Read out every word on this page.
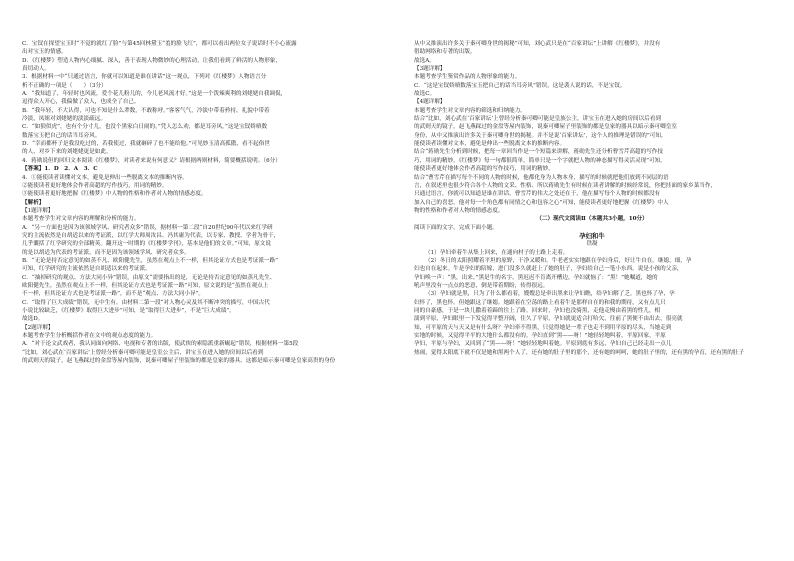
C．宝钗在探望宝玉时“不觉的就红了脸”与第45回林黛玉“羞的脸飞红”，都可以看出两位女子说话时不小心流露
出对宝玉的情感。
D．《红楼梦》塑造人物内心细腻、深入，善于表现人物微妙的心理活动，让我们看到了鲜活的人物形象，
真切动人。
3．根据材料一中“只通过语言，你就可以知道是谁在讲话”这一观点，下列对《红楼梦》人物语言分
析不正确的一项是（　　）（3分）
A．“我知道了，年轻时也风流，爱个花儿粉儿的，今儿老风流才好。”这是一个泼辣爽利的刘姥姥自我调侃，
逗得众人开心，我偏做了众人，也成全了自己。
B．“我年轻，不大认得，可也不知是什么辈数，不敢称呼。”客客气气，冷淡中带着矜持，礼貌中带着
冷淡，凤姐对刘姥姥的淡淡疏远。
C．“如狼似虎”，也有个分寸儿，也没个黑家白日闹的。”凭人怎么劝，都是耳旁风。”这是宝钗娇嗔数
数落宝玉把自己的话当耳旁风。
D．“幸而都杯子是我没吃过的，若我使过，我就砸碎了也不能给他。”可见妙玉清高孤傲，看不起俗世
的人，对乡下来的刘姥姥更是如此。
4．蒋勋说但的回归文本阅读《红楼梦》，对读者来说有何意义？请根据两则材料，简要概括说明。（6分）
【答案】1．D　2．A　3．C
4．①能使读者读懂对文本，避免是伸出一些脱离文本的推断内容。
②能使读者更好地体会作者高超的写作技巧，用词的精妙。
③能使读者更好地把握《红楼梦》中人物的性格和作者对人物的情感态度。
【解析】
【1题详解】
本题考查学生对文章内容的理解和分析的能力。
A．“另一方面也是因为该领域学风、研究者众多”错误，据材料一第二段“自20世纪90年代以来红学研
究的主流依然是自胡适以来的考证派，以红学大师周汝昌、冯其庸为代表，以专家、教授、学者为骨干，
几乎囊括了红学研究的全部精英。翻开这一时期的《红楼梦学刊》，基本是他们的文章。”可知，原文说
的是以胡适为代表的考证派，而不是因为该领域学风、研究者众多。
B．“无论是持否定意见的如蒸不凡、欧阳健先生，虽然在观点上不一样，但其论证方式也是考证派一路”
可知，红学研究的主流依然是自胡适以来的考证派。
C．“抽掉研究的观点、方法大同小异”错误，由原文“需要指出的是，无论是持否定意见的如蒸凡先生、
欧阳健先生，虽然在观点上不一样，但其论证方式也是考证派一路”可知，原文说的是“虽然在观点上
不一样，但其论证方式也是考证派一路”，而不是“观点、方法大同小异”。
C．“取得了巨大成绩”错误，无中生有。由材料二第一段“对人物心灵及其不断冲突的描写，中国古代
小说比较缺乏，《红楼梦》取得巨大进步”可知，是“取得巨大进步”，不是“巨大成绩”。
故选D。
【2题详解】
本题考查学生分析概括作者在文中的观点态度的能力。
A．“对于论文武戏者，我认同面向网络、电视和专著的出版，使武侠的索隐派重新崛起”错误，根据材料一第5段
“比如，刘心武在‘百家讲坛’上曾经分析秦可卿可能是皇室公主后，讲宝玉在进入她的房间以后看到
的武则天的镜子，赵飞燕踩过的金盘等屋内装饰，说秦可卿屋子里装饰的都是皇家的器具，这都是暗示秦可卿是皇家高贵的身份
从中又推演出许多关于秦可卿身世的揭秘”可知，刘心武只是在“百家讲坛”上讲解《红楼梦》，并没有
借助网络和专著的出版。
故选A。
【3题详解】
本题考查学生鉴赏作品的人物形象的能力。
C．“这是宝钗娇嗔数落宝玉把自己的话当耳旁风”错误，这是袭人说的话，不是宝钗。
故选C。
【4题详解】
本题考查学生对文章内容的筛选和归纳能力。
结合“比如，刘心武在‘百家讲坛’上曾经分析秦可卿可能是皇族公主，讲宝玉在进入她的房间以后看到
的武则天的镜子，赵飞燕踩过的金盘等屋内装饰，说秦可卿屋子里装饰的都是皇家的器具以暗示秦可卿皇室
身份，从中又推演出许多关于秦可卿身世的揭秘。并不是说‘百家讲坛’，这个人的推理是错误的”可知，
能使读者读懂对文本，避免是伸出一些脱离文本的推断内容。
结合“蒋勋先生分析到时候，把每一章回当作是一个短篇来讲解，蒋勋先生还分析曹雪芹高超的写作技
巧，用词的精妙，《红楼梦》每一句都很简单，简单只是一个字就把人物的神态描写得灵活灵现”可知，
能使读者更好地体会作者高超的写作技巧，用词的精妙。
结合“曹雪芹在描写每个不同的人物的时候，他都化身为人物本身，描写的时候就把他们放到不同层的语
言，在叙述里也很少符合各个人物的文采、性格、所以蒋勋先生有时候在读者讲解的时候经常说，你把挂面的家乡菜当作，
只通过语言，你就可以知道是谁在讲话。曹雪芹的伟大之处还在于，他在描写每个人物的时候都没有
加入自己的喜恶，他对每一个角色都有同情之心和包容之心”可知，能使读者更好地把握《红楼梦》中人
物的性格和作者对人物的情感态度。
（二）现代文阅读Ⅱ（本题共3小题，10分）
阅读下面的文字，完成下面小题。
孕妇和牛
铁凝
（1）孕妇牵着牛从集上回来，在通向村子的土路上走着。
（2）冬日的太阳照耀着平坦的原野，干净又暖和。牛老老实实地跟在孕妇身后，好让牛自在。继媳，细，孕
妇也自在起来。牛是孕妇的陪嫁，进门没多久就赶上了她的肚子，孕妇给自己一笔小东西，说是小孩的父亲，
孕妇唤一声：“黑，出来。”黑是牛的名字。黑迟迟不肯离开槽边，孕妇就恼了：“黑！”她嘱道，她的
吼声里没有一点点的恶意，倒是带着期盼，传得很远。
（3）孕妇就是黑，只为了什么都看着，嫂嫂总是牵出黑来让孕妇瞧，给孕妇解了乏。黑也怀了孕，孕
妇怀了，黑也怀。但她跟这了继媳。她跟着在空荡的路上看着牛是那样自在的和我的期待，又有点儿只
同的自豪感，于是一块儿撒着着蹄的往上了路。回来时，孕妇也没骑黑，走他走慢由着黑的性儿，相
濡到平原，孕妇眼里一下发觉得平整开阔，住久了平原，孕妇就更适合打哈欠，往前了黑便不由出去，很亮就
知，可平原的天与天又是有什么呀？孕妇牵不得黑，只觉得她是一辈子也走不到用平原的尽头，当她走到
实地的时候，又觉得平平的大地什么都没有的。孕妇直到“黑——呀！”她轻轻地叫着，平原回家，平原
孕妇，平原与孕妇，又回到了“黑——呀！”她轻轻地叫着她。平原到底有多远，孕妇自己已经走出一点儿
热闹，觉得太阳底下就不仅是她和黑两个人了，还有她的肚子里的那个，还有她的呵呵，她的肚子里的，还有黑的孕育，还有黑的肚子
